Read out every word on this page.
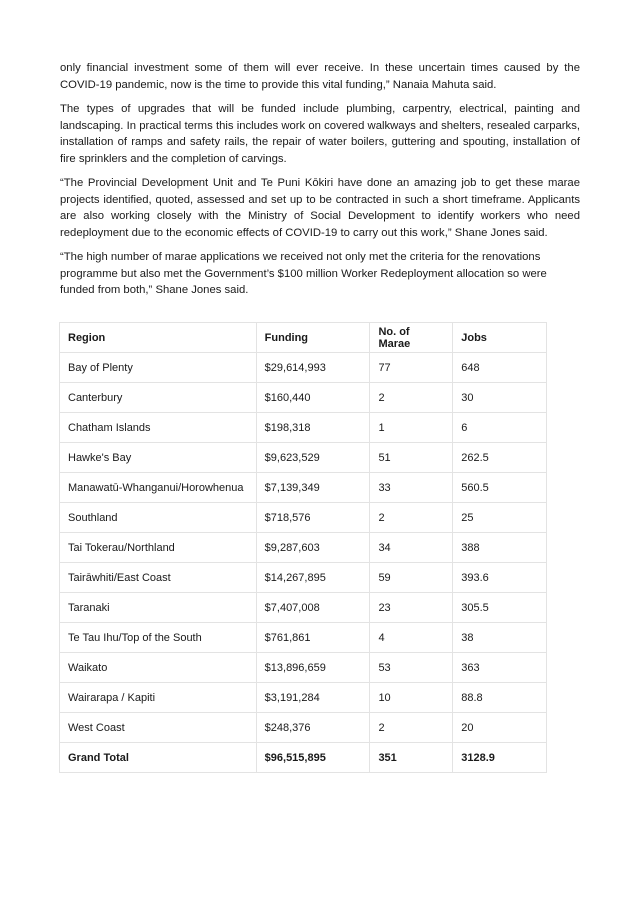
only financial investment some of them will ever receive. In these uncertain times caused by the COVID-19 pandemic, now is the time to provide this vital funding,” Nanaia Mahuta said.

The types of upgrades that will be funded include plumbing, carpentry, electrical, painting and landscaping. In practical terms this includes work on covered walkways and shelters, resealed carparks, installation of ramps and safety rails, the repair of water boilers, guttering and spouting, installation of fire sprinklers and the completion of carvings.

“The Provincial Development Unit and Te Puni Kōkiri have done an amazing job to get these marae projects identified, quoted, assessed and set up to be contracted in such a short timeframe. Applicants are also working closely with the Ministry of Social Development to identify workers who need redeployment due to the economic effects of COVID-19 to carry out this work,” Shane Jones said.

“The high number of marae applications we received not only met the criteria for the renovations programme but also met the Government’s $100 million Worker Redeployment allocation so were funded from both,” Shane Jones said.

Region	Funding	No. of Marae	Jobs
Bay of Plenty	$29,614,993	77	648
Canterbury	$160,440	2	30
Chatham Islands	$198,318	1	6
Hawke's Bay	$9,623,529	51	262.5
Manawatū-Whanganui/Horowhenua	$7,139,349	33	560.5
Southland	$718,576	2	25
Tai Tokerau/Northland	$9,287,603	34	388
Tairāwhiti/East Coast	$14,267,895	59	393.6
Taranaki	$7,407,008	23	305.5
Te Tau Ihu/Top of the South	$761,861	4	38
Waikato	$13,896,659	53	363
Wairarapa / Kapiti	$3,191,284	10	88.8
West Coast	$248,376	2	20
Grand Total	$96,515,895	351	3128.9
